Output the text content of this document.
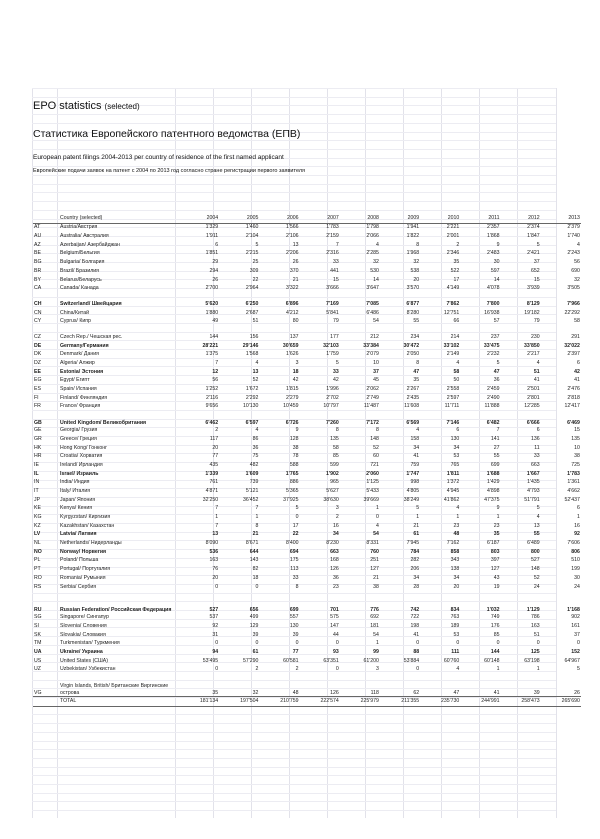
EPO statistics (selected)
Статистика Европейского патентного ведомства (ЕПВ)
European patent filings 2004-2013 per country of residence of the first named applicant
Европейские подачи заявок на патент с 2004 по 2013 год согласно стране регистрации первого заявителя
	Country (selected)	2004	2005	2006	2007	2008	2009	2010	2011	2012	2013
AT	Austria/Австрия	1'329	1'460	1'566	1'783	1'798	1'941	2'221	2'357	2'374	2'379
AU	Australia/ Австралия	1'911	2'104	2'106	2'159	2'066	1'822	2'001	1'868	1'847	1'740
AZ	Azerbaijan/ Азербайджан	6	5	13	7	4	8	2	9	5	4
BE	Belgium/Бельгия	1'851	2'215	2'206	2'316	2'285	1'968	2'346	2'483	2'421	2'243
BG	Bulgaria/ Болгария	29	25	26	33	32	32	35	30	37	56
BR	Brazil/ Бразилия	294	309	370	441	530	538	522	597	652	690
BY	Belarus/Беларусь	26	22	21	15	14	20	17	14	15	32
CA	Canada/ Канада	2'700	2'964	3'322	3'666	3'647	3'570	4'149	4'078	3'939	3'505

CH	Switzerland/ Швейцария	5'620	6'250	6'896	7'169	7'085	6'877	7'862	7'800	8'129	7'966
CN	China/Китай	1'880	2'687	4'212	5'841	6'486	8'280	12'751	16'938	19'182	22'292
CY	Cyprus/ Кипр	49	51	80	79	54	55	66	57	79	58

CZ	Czech Rep./ Чешская рес.	144	156	137	177	212	234	214	237	230	291
DE	Germany/Германия	28'221	29'146	30'659	32'103	33'384	30'472	33'102	33'475	33'850	32'022
DK	Denmark/ Дания	1'375	1'568	1'626	1'759	2'079	2'050	2'149	2'232	2'217	2'397
DZ	Algeria/ Алжир	7	4	3	5	10	8	4	5	4	6
EE	Estonia/ Эстония	12	13	18	33	37	47	58	47	51	42
EG	Egypt/ Египт	56	52	42	42	45	35	50	36	41	41
ES	Spain/ Испания	1'252	1'672	1'815	1'996	2'062	2'267	2'558	2'459	2'501	2'476
FI	Finland/ Финляндия	2'116	2'292	2'279	2'702	2'749	2'435	2'597	2'490	2'801	2'818
FR	France/ Франция	9'656	10'130	10'459	10'797	11'487	11'608	11'711	11'888	12'285	12'417
GB	United Kingdom/ Великобритания	6'462	6'597	6'726	7'260	7'172	6'569	7'146	6'482	6'666	6'469
GE	Georgia/ Грузия	2	4	9	8	8	4	6	7	6	15
GR	Greece/ Греция	117	86	128	135	148	158	130	141	136	135
HK	Hong Kong/ Гонконг	20	36	38	58	52	34	34	27	11	10
HR	Croatia/ Хорватия	77	75	78	85	60	41	53	55	33	38
IE	Ireland/ Ирландия	435	482	588	599	721	759	765	699	663	725
IL	Israel/ Израиль	1'339	1'609	1'765	1'902	2'060	1'747	1'811	1'688	1'667	1'783
IN	India/ Индия	761	739	886	965	1'125	998	1'372	1'429	1'435	1'361
IT	Italy/ Италия	4'871	5'121	5'365	5'627	5'433	4'805	4'945	4'898	4'793	4'662
JP	Japan/ Япония	32'250	36'452	37'925	38'630	39'669	38'249	41'862	47'375	51'791	52'437
KE	Kenya/ Кения	7	7	5	3	1	5	4	9	5	6
KG	Kyrgyzstan/ Киргизия	1	1	0	2	0	1	1	1	4	1
KZ	Kazakhstan/ Казахстан	7	8	17	16	4	21	23	23	13	16
LV	Latvia/ Латвия	13	21	22	34	54	61	48	35	55	92
NL	Netherlands/ Нидерланды	8'090	8'671	8'400	8'230	8'331	7'945	7'162	6'187	6'489	7'606
NO	Norway/ Норвегия	536	644	694	663	760	784	858	803	800	806
PL	Poland/ Польша	163	143	175	168	251	282	343	397	527	510
PT	Portugal/ Португалия	76	82	113	126	127	206	138	127	148	199
RO	Romania/ Румыния	20	18	33	36	21	34	34	43	52	30
RS	Serbia/ Сербия	0	0	8	23	38	28	20	19	24	24

RU	Russian Federation/ Российская Федерация	527	656	699	701	776	742	834	1'032	1'129	1'168
SG	Singapore/ Сингапур	537	499	557	575	692	722	763	749	786	902
SI	Slovenia/ Словения	92	129	130	147	181	198	189	176	163	161
SK	Slovakia/ Словакия	31	39	39	44	54	41	53	85	51	37
TM	Turkmenistan/ Туркмения	0	0	0	0	1	0	0	0	0	0
UA	Ukraine/ Украина	94	61	77	93	99	88	111	144	125	152
US	United States (США)	53'495	57'290	60'581	63'351	61'200	53'884	60'760	60'148	63'198	64'967
UZ	Uzbekistan/ Узбекистан	0	2	2	0	3	0	4	1	1	5

VG	Virgin Islands, British/ Британские Виргинские острова	35	32	48	126	118	62	47	41	39	26
	TOTAL	181'134	197'504	210'759	222'574	225'979	211'355	235'730	244'991	258'473	265'690
